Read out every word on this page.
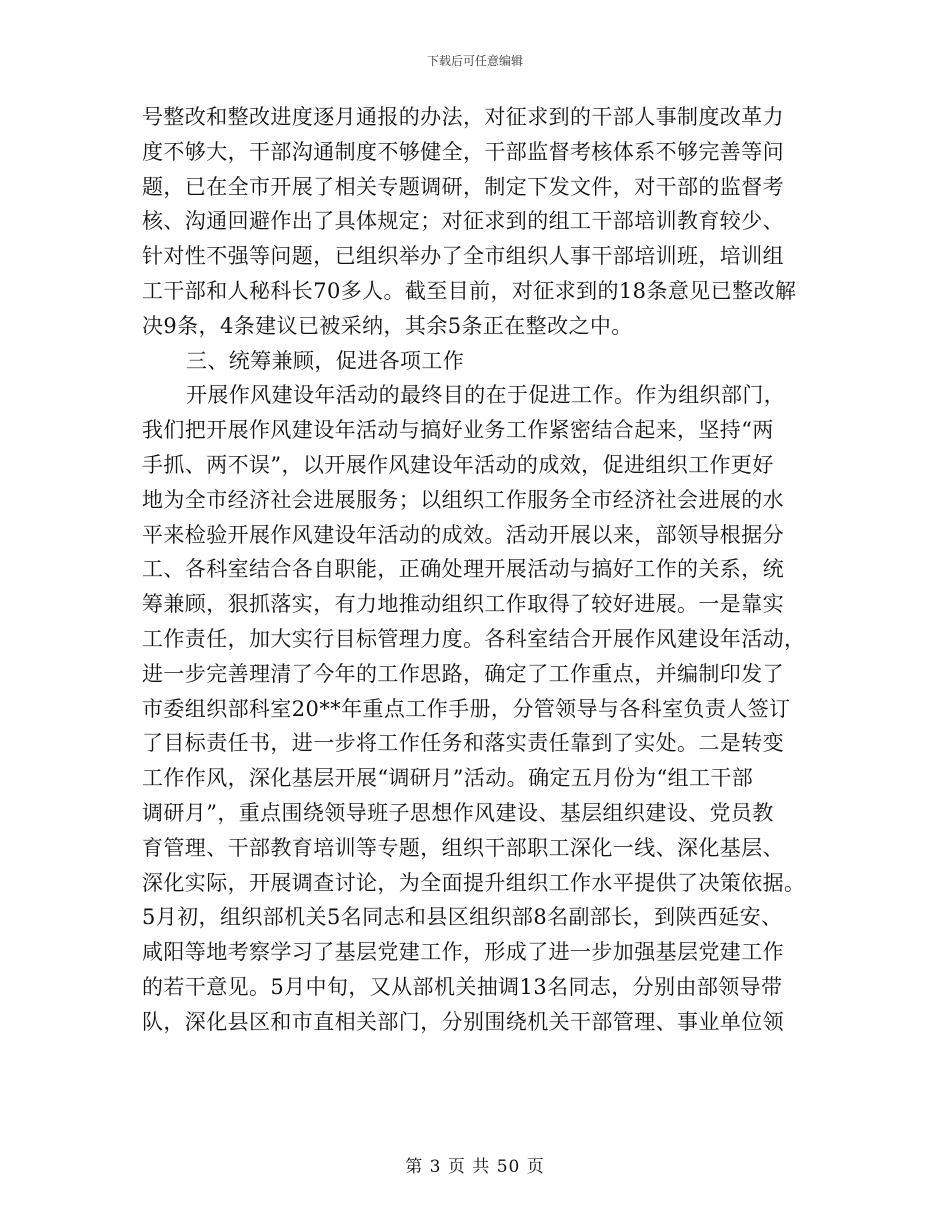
下载后可任意编辑
号整改和整改进度逐月通报的办法，对征求到的干部人事制度改革力
度不够大，干部沟通制度不够健全，干部监督考核体系不够完善等问
题，已在全市开展了相关专题调研，制定下发文件，对干部的监督考
核、沟通回避作出了具体规定；对征求到的组工干部培训教育较少、
针对性不强等问题，已组织举办了全市组织人事干部培训班，培训组
工干部和人秘科长70多人。截至目前，对征求到的18条意见已整改解
决9条，4条建议已被采纳，其余5条正在整改之中。
三、统筹兼顾，促进各项工作
开展作风建设年活动的最终目的在于促进工作。作为组织部门，
我们把开展作风建设年活动与搞好业务工作紧密结合起来，坚持“两
手抓、两不误”，以开展作风建设年活动的成效，促进组织工作更好
地为全市经济社会进展服务；以组织工作服务全市经济社会进展的水
平来检验开展作风建设年活动的成效。活动开展以来，部领导根据分
工、各科室结合各自职能，正确处理开展活动与搞好工作的关系，统
筹兼顾，狠抓落实，有力地推动组织工作取得了较好进展。一是靠实
工作责任，加大实行目标管理力度。各科室结合开展作风建设年活动，
进一步完善理清了今年的工作思路，确定了工作重点，并编制印发了
市委组织部科室20**年重点工作手册，分管领导与各科室负责人签订
了目标责任书，进一步将工作任务和落实责任靠到了实处。二是转变
工作作风，深化基层开展“调研月”活动。确定五月份为“组工干部
调研月”，重点围绕领导班子思想作风建设、基层组织建设、党员教
育管理、干部教育培训等专题，组织干部职工深化一线、深化基层、
深化实际，开展调查讨论，为全面提升组织工作水平提供了决策依据。
5月初，组织部机关5名同志和县区组织部8名副部长，到陕西延安、
咸阳等地考察学习了基层党建工作，形成了进一步加强基层党建工作
的若干意见。5月中旬，又从部机关抽调13名同志，分别由部领导带
队，深化县区和市直相关部门，分别围绕机关干部管理、事业单位领
第 3 页 共 50 页
